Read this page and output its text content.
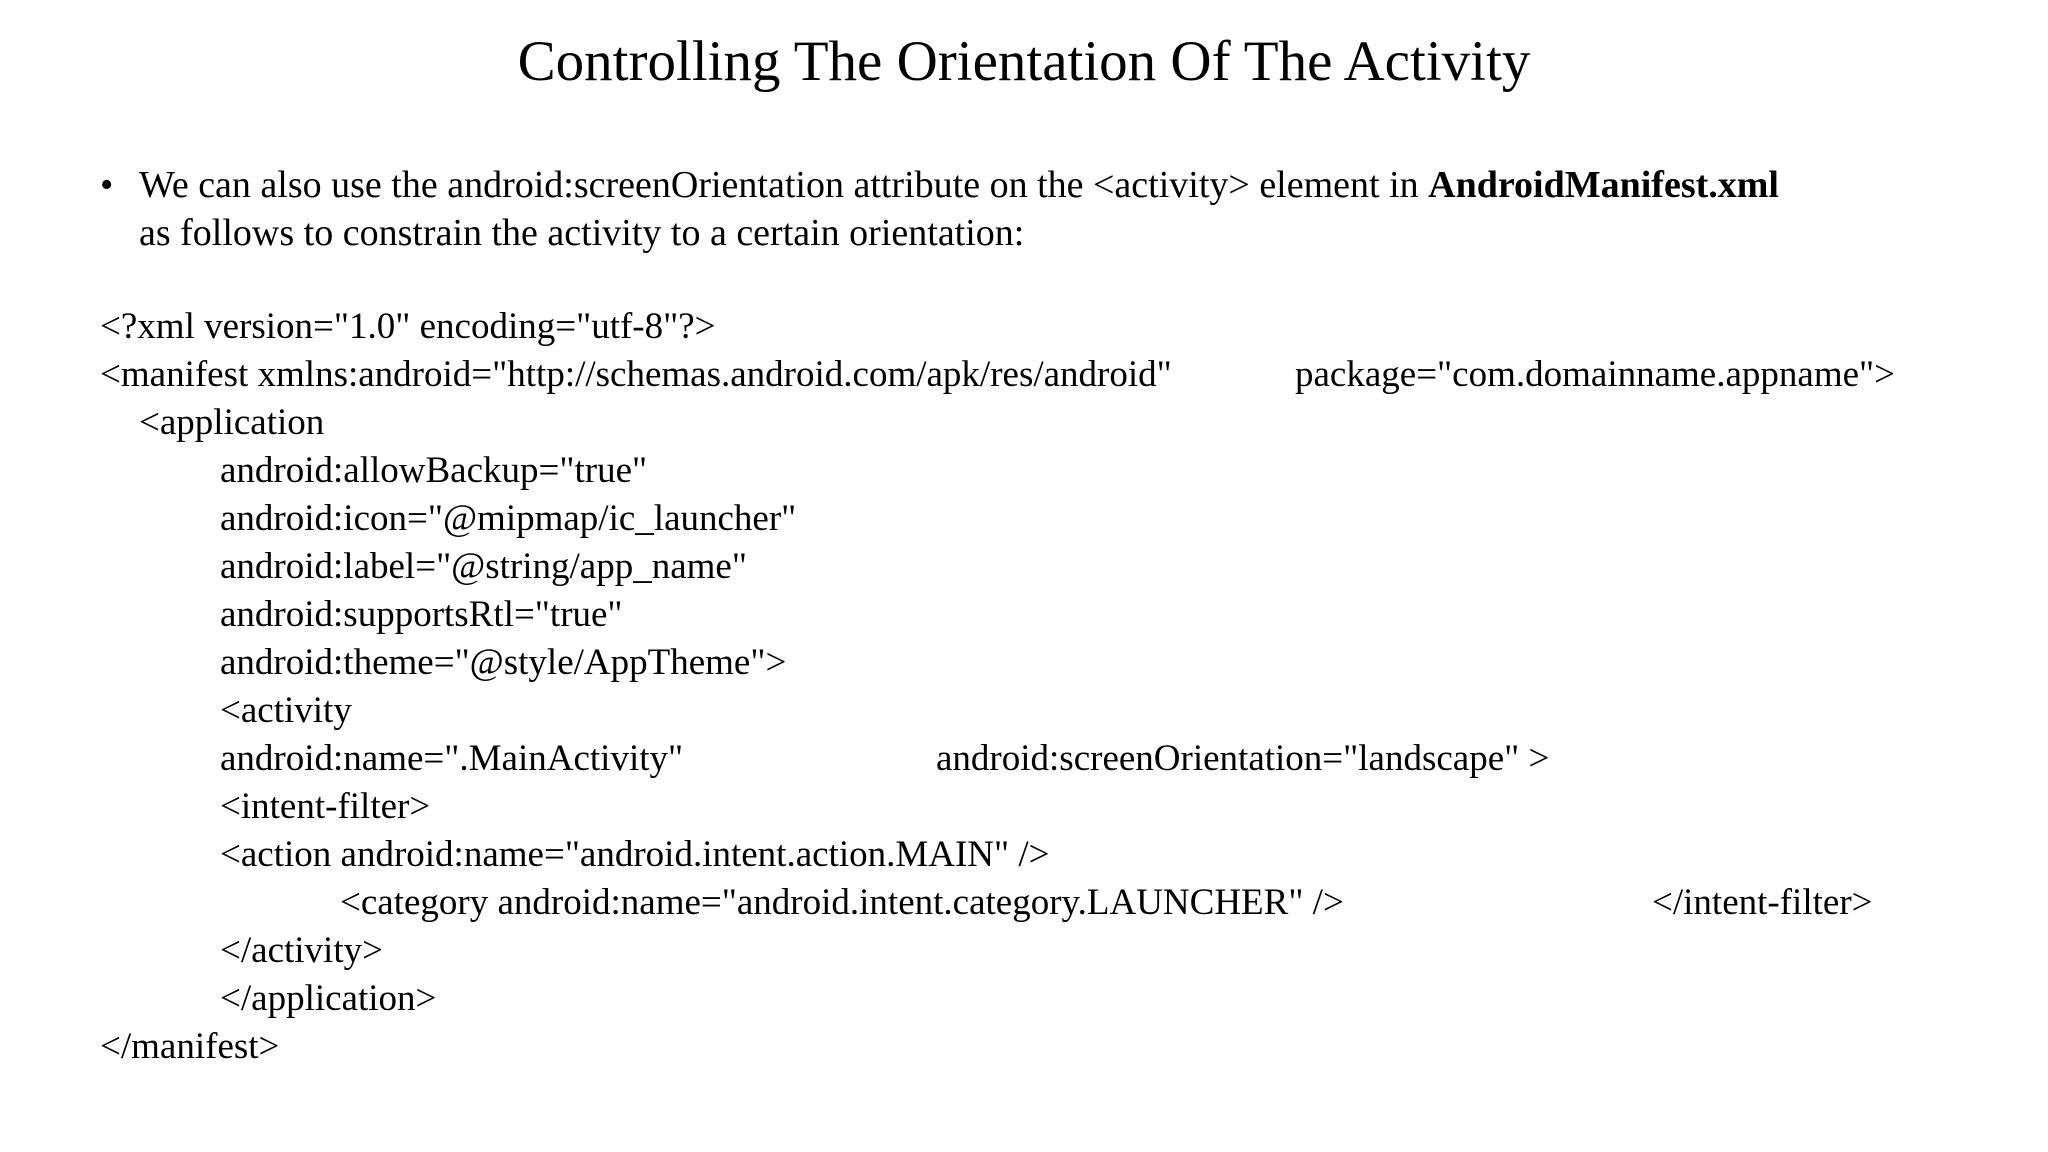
Controlling The Orientation Of The Activity
• We can also use the android:screenOrientation attribute on the <activity> element in AndroidManifest.xml
as follows to constrain the activity to a certain orientation:
<?xml version="1.0" encoding="utf-8"?>
<manifest xmlns:android="http://schemas.android.com/apk/res/android"	package="com.domainname.appname">
<application
android:allowBackup="true"
android:icon="@mipmap/ic_launcher"
android:label="@string/app_name"
android:supportsRtl="true"
android:theme="@style/AppTheme">
<activity
android:name=".MainActivity"	android:screenOrientation="landscape" >
<intent-filter>
<action android:name="android.intent.action.MAIN" />
<category android:name="android.intent.category.LAUNCHER" />	</intent-filter>
</activity>
</application>
</manifest>
